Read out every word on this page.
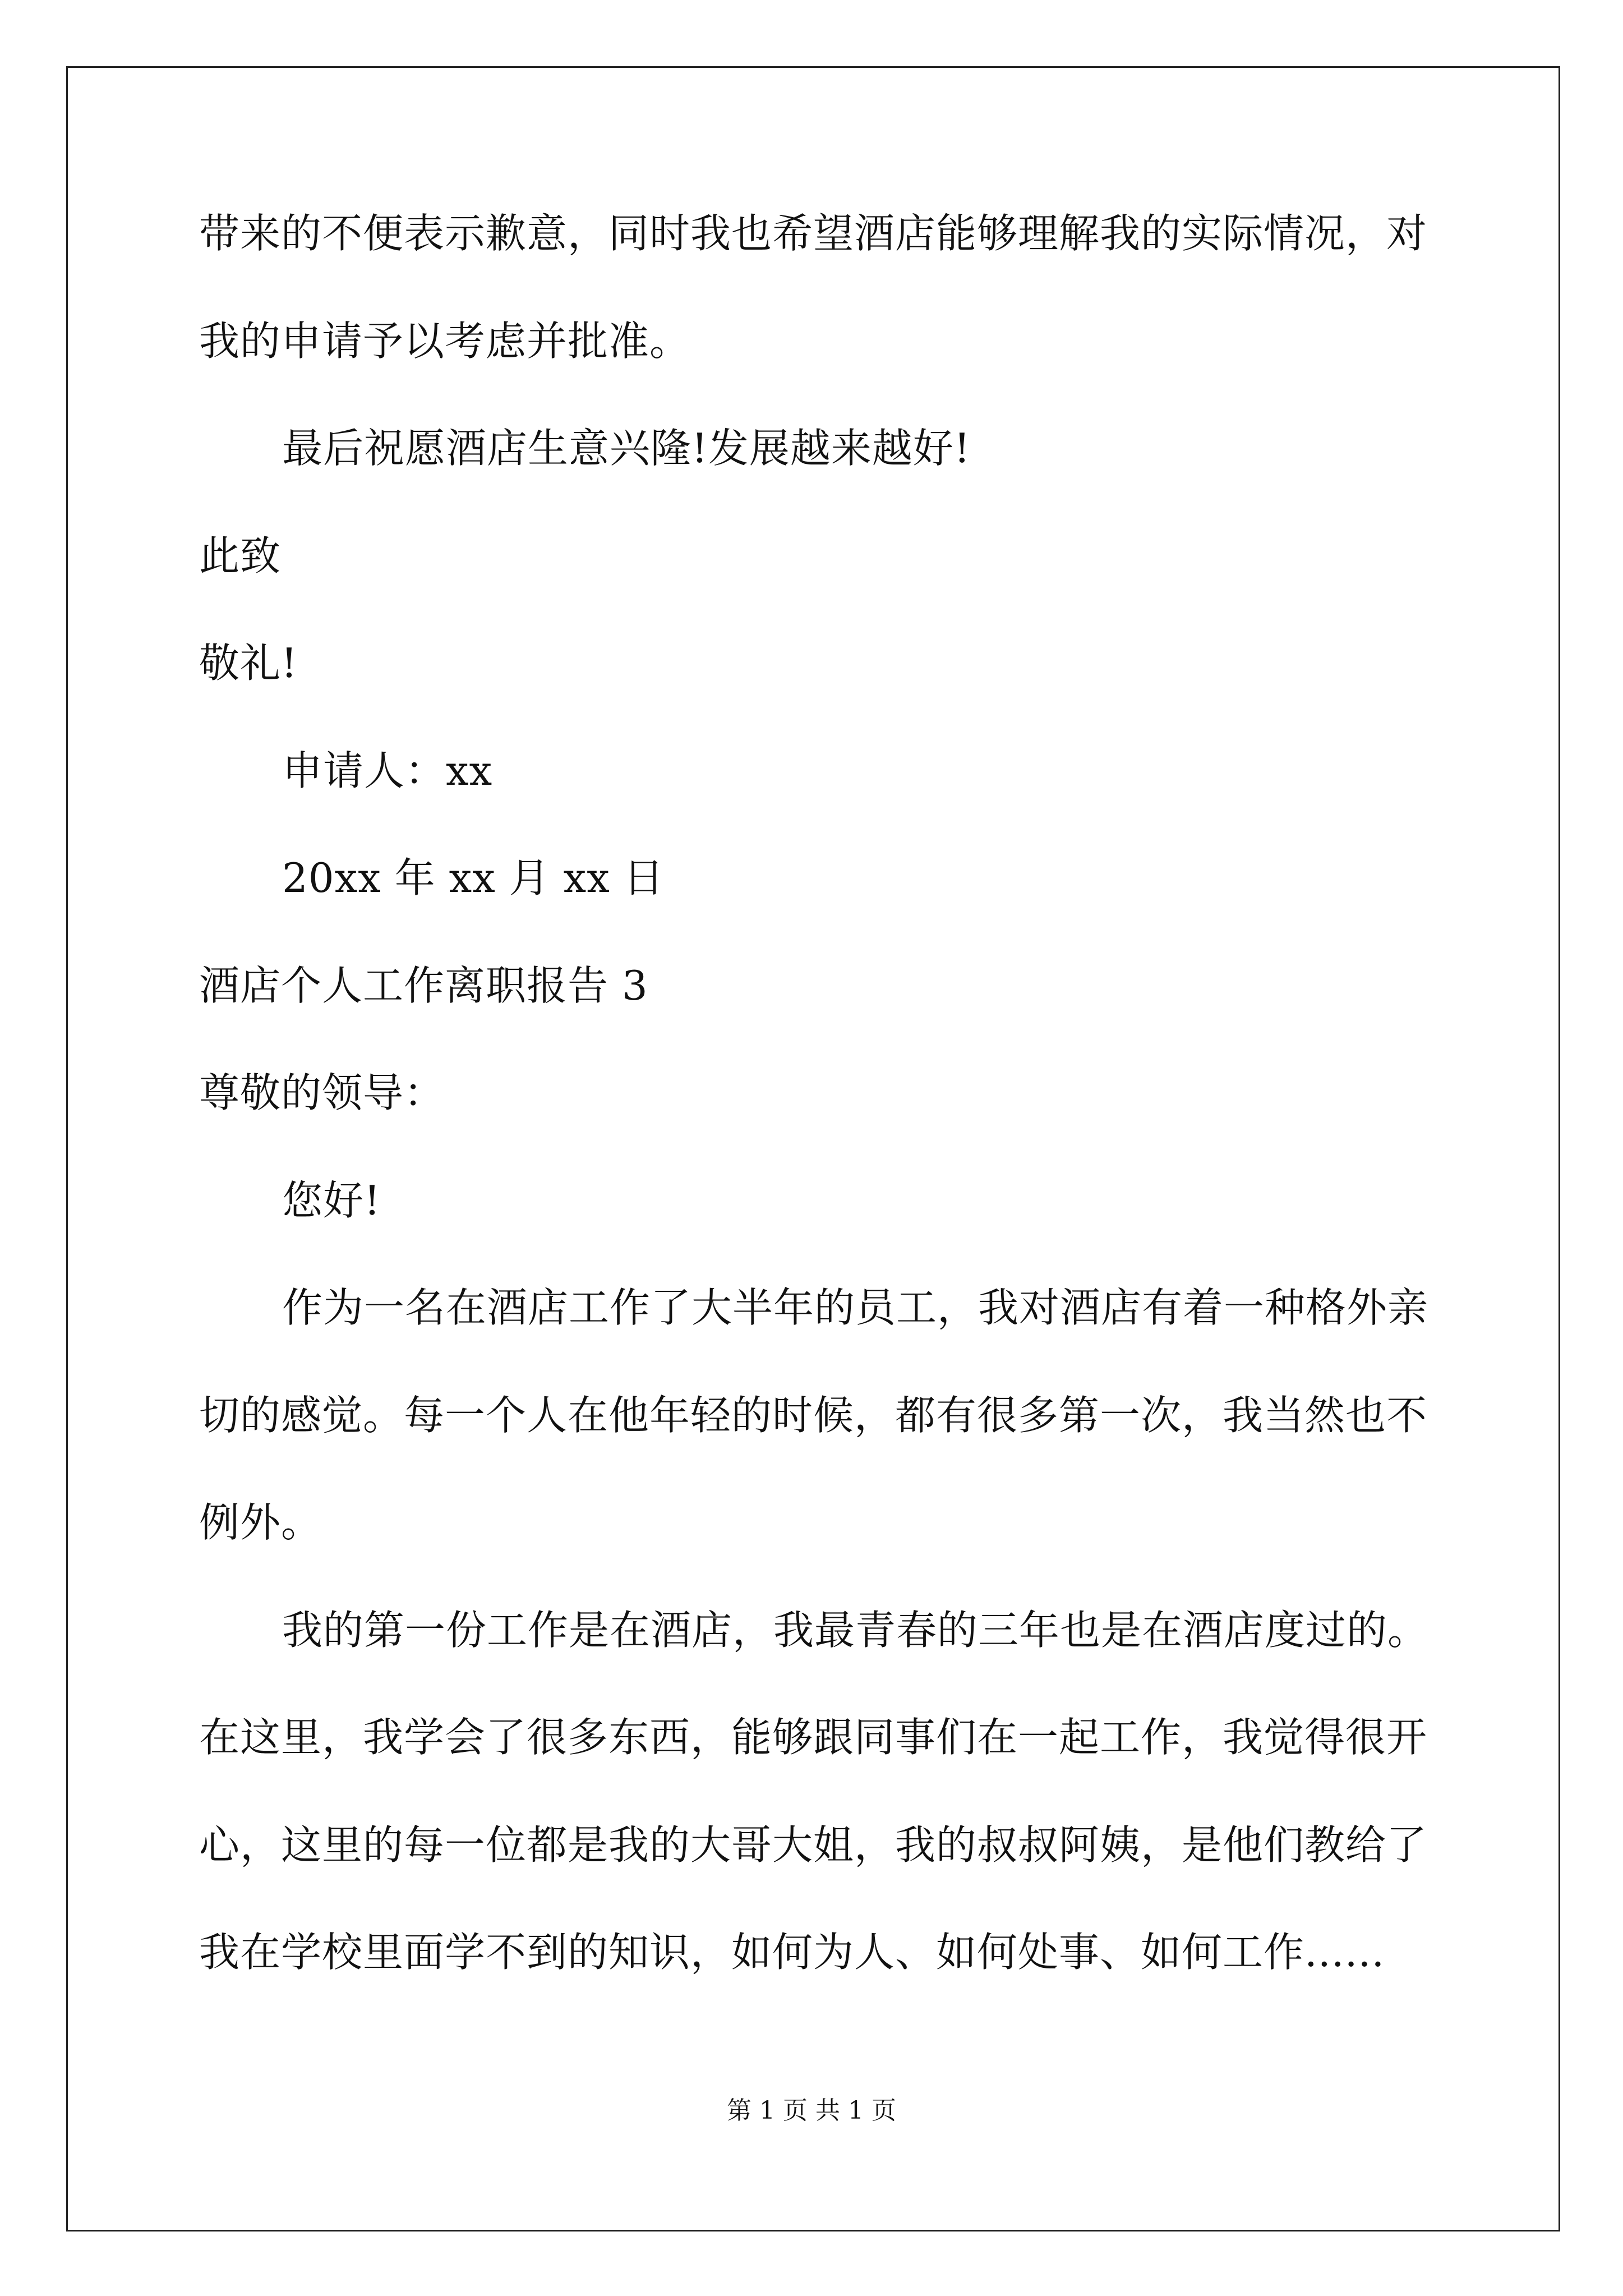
带来的不便表示歉意，同时我也希望酒店能够理解我的实际情况，对
我的申请予以考虑并批准。
最后祝愿酒店生意兴隆!发展越来越好!
此致
敬礼!
申请人：xx
20xx 年 xx 月 xx 日
酒店个人工作离职报告 3
尊敬的领导：
您好!
作为一名在酒店工作了大半年的员工，我对酒店有着一种格外亲
切的感觉。每一个人在他年轻的时候，都有很多第一次，我当然也不
例外。
我的第一份工作是在酒店，我最青春的三年也是在酒店度过的。
在这里，我学会了很多东西，能够跟同事们在一起工作，我觉得很开
心，这里的每一位都是我的大哥大姐，我的叔叔阿姨，是他们教给了
我在学校里面学不到的知识，如何为人、如何处事、如何工作......
第 1 页 共 1 页
